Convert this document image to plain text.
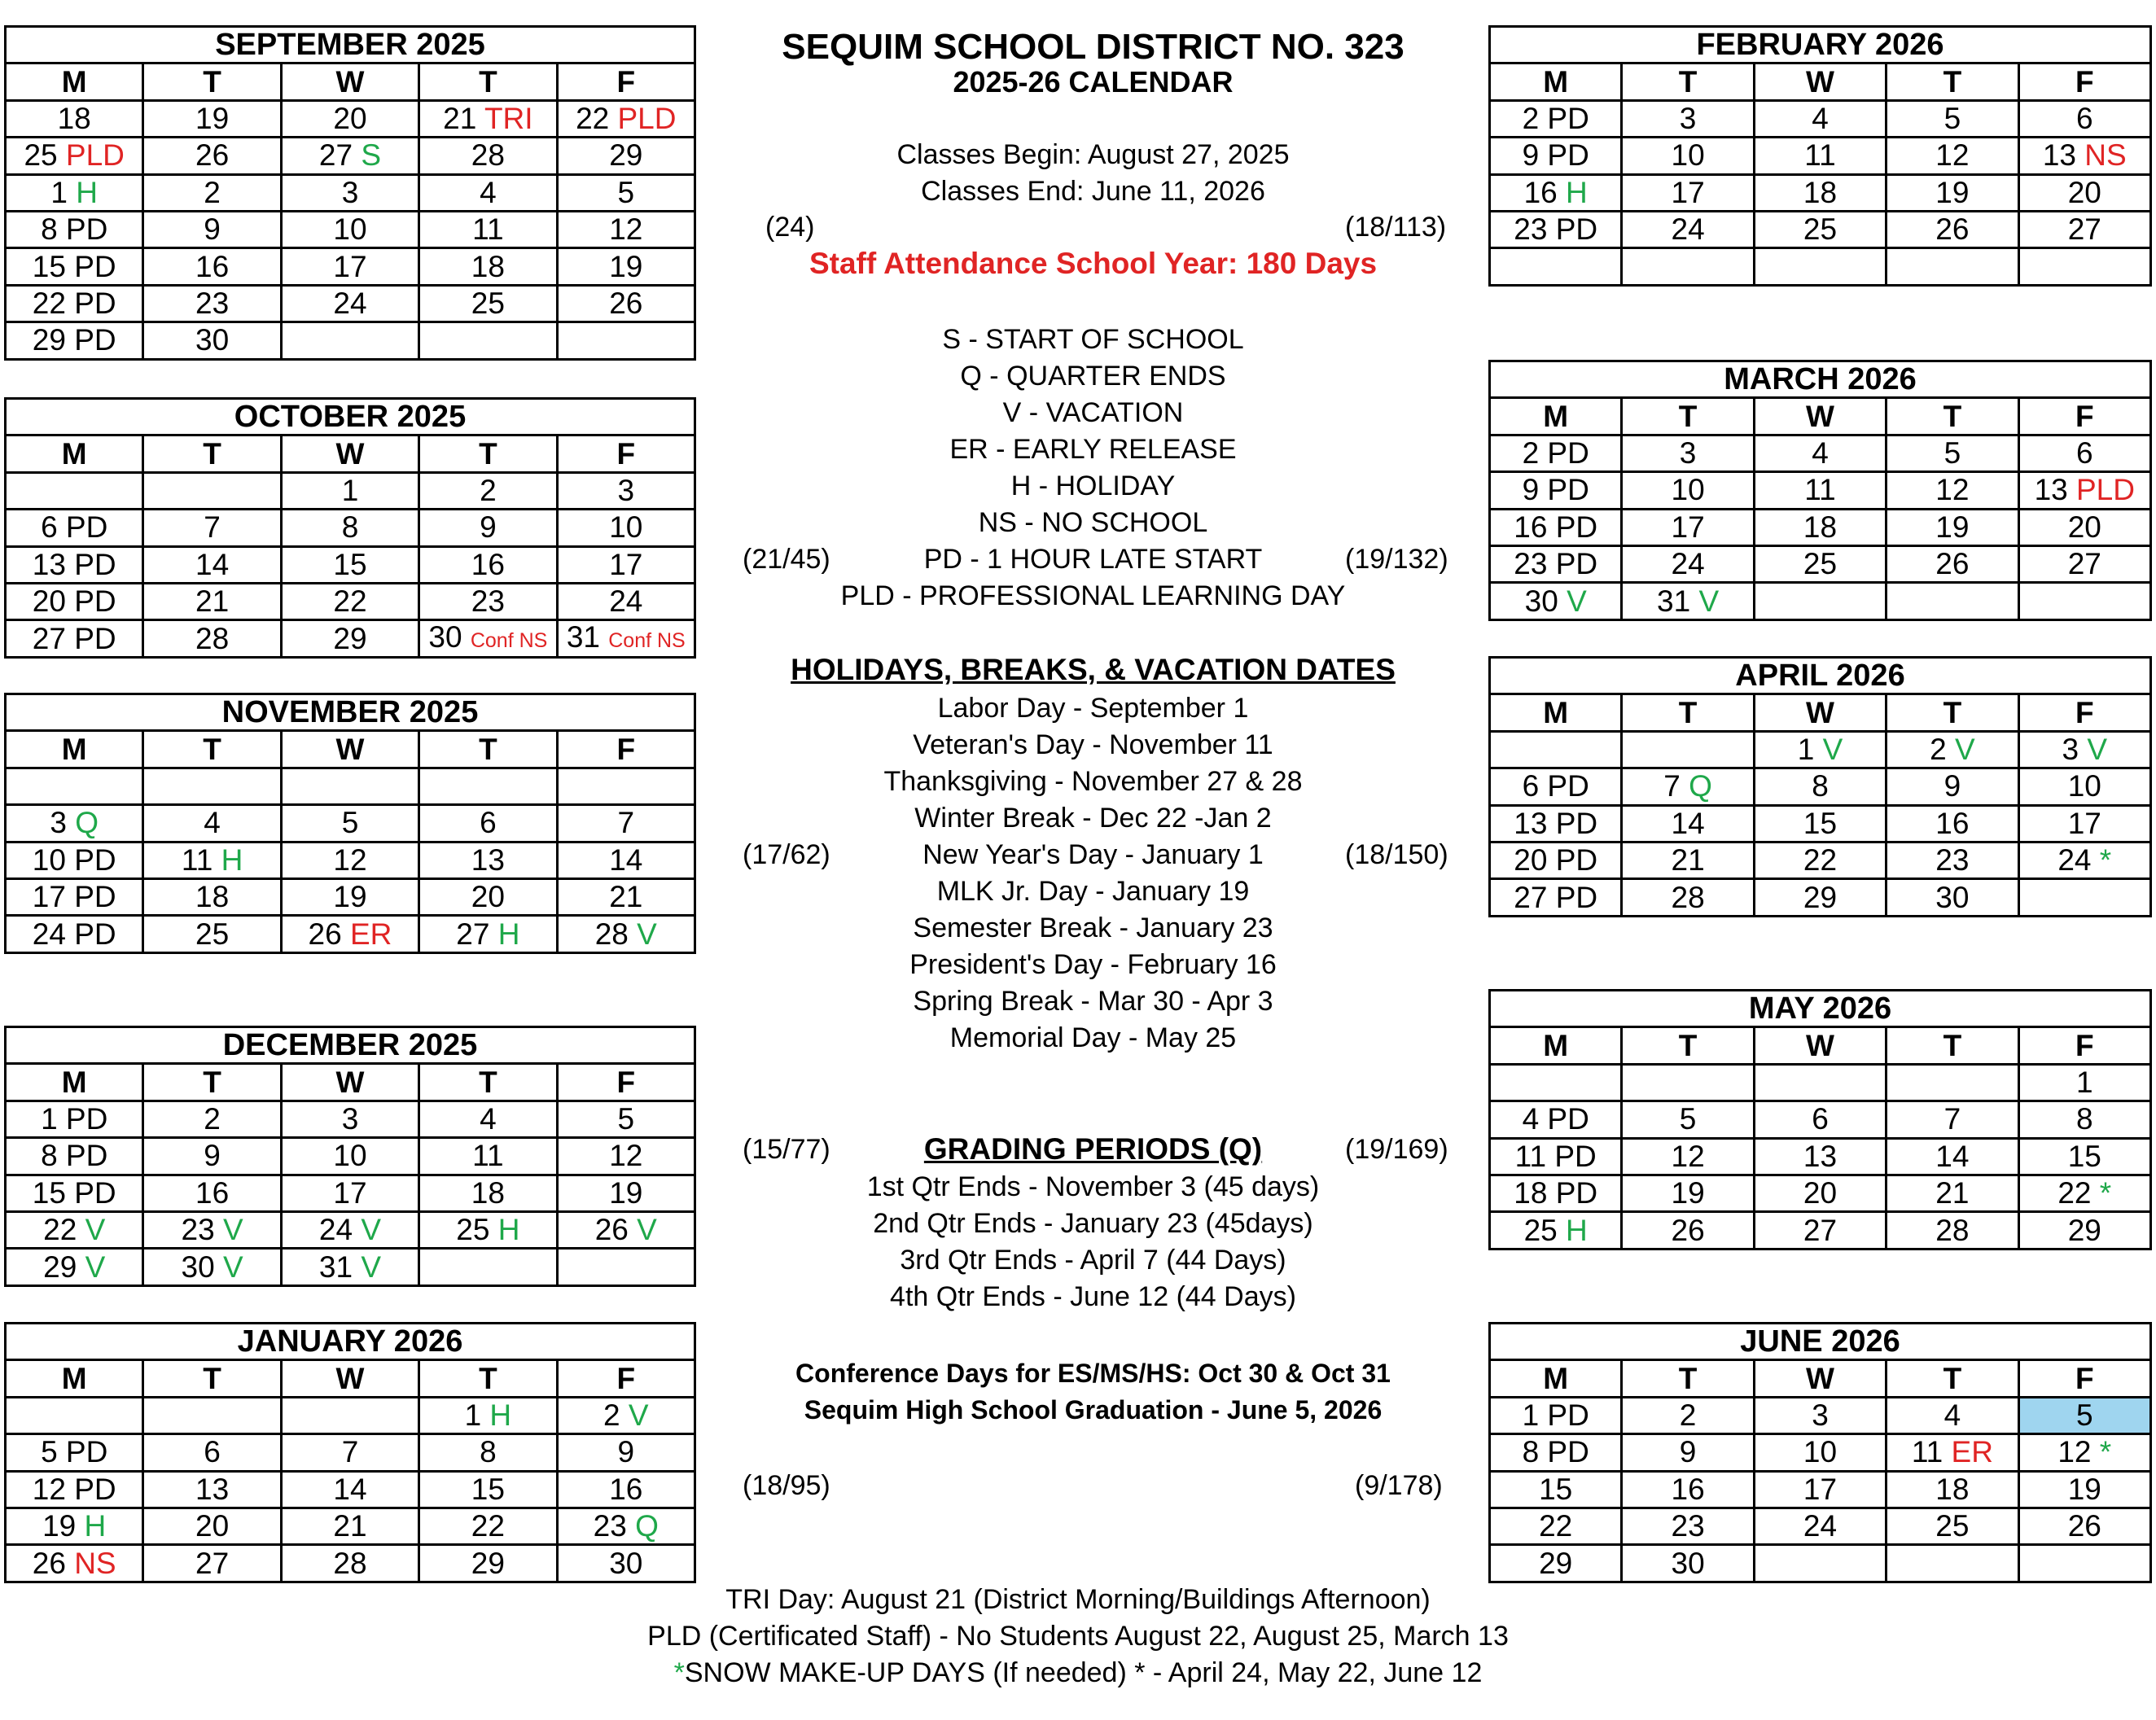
SEPTEMBER 2025				
M	T	W	T	F
18	19	20	21 TRI	22 PLD
25 PLD	26	27 S	28	29
1 H	2	3	4	5
8 PD	9	10	11	12
15 PD	16	17	18	19
22 PD	23	24	25	26
29 PD	30			
OCTOBER 2025				
M	T	W	T	F
		1	2	3
6 PD	7	8	9	10
13 PD	14	15	16	17
20 PD	21	22	23	24
27 PD	28	29	30 Conf NS	31 Conf NS
NOVEMBER 2025				
M	T	W	T	F

3 Q	4	5	6	7
10 PD	11 H	12	13	14
17 PD	18	19	20	21
24 PD	25	26 ER	27 H	28 V
DECEMBER 2025				
M	T	W	T	F
1 PD	2	3	4	5
8 PD	9	10	11	12
15 PD	16	17	18	19
22 V	23 V	24 V	25 H	26 V
29 V	30 V	31 V		
JANUARY 2026				
M	T	W	T	F
			1 H	2 V
5 PD	6	7	8	9
12 PD	13	14	15	16
19 H	20	21	22	23 Q
26 NS	27	28	29	30
FEBRUARY 2026				
M	T	W	T	F
2 PD	3	4	5	6
9 PD	10	11	12	13 NS
16 H	17	18	19	20
23 PD	24	25	26	27

MARCH 2026				
M	T	W	T	F
2 PD	3	4	5	6
9 PD	10	11	12	13 PLD
16 PD	17	18	19	20
23 PD	24	25	26	27
30 V	31 V			
APRIL 2026				
M	T	W	T	F
		1 V	2 V	3 V
6 PD	7 Q	8	9	10
13 PD	14	15	16	17
20 PD	21	22	23	24 *
27 PD	28	29	30	
MAY 2026				
M	T	W	T	F
				1
4 PD	5	6	7	8
11 PD	12	13	14	15
18 PD	19	20	21	22 *
25 H	26	27	28	29
JUNE 2026				
M	T	W	T	F
1 PD	2	3	4	5
8 PD	9	10	11 ER	12 *
15	16	17	18	19
22	23	24	25	26
29	30			
SEQUIM SCHOOL DISTRICT NO. 323
2025-26 CALENDAR
Classes Begin: August 27, 2025
Classes End: June 11, 2026
Staff Attendance School Year: 180 Days
S - START OF SCHOOL
Q - QUARTER ENDS
V - VACATION
ER - EARLY RELEASE
H - HOLIDAY
NS - NO SCHOOL
PD - 1 HOUR LATE START
PLD - PROFESSIONAL LEARNING DAY
HOLIDAYS, BREAKS, & VACATION DATES
Labor Day - September 1
Veteran's Day - November 11
Thanksgiving - November 27 & 28
Winter Break - Dec 22 -Jan 2
New Year's Day - January 1
MLK Jr. Day - January 19
Semester Break - January 23
President's Day - February 16
Spring Break - Mar 30 - Apr 3
Memorial Day - May 25
GRADING PERIODS (Q)
1st Qtr Ends - November 3 (45 days)
2nd Qtr Ends - January 23 (45days)
3rd Qtr Ends - April 7 (44 Days)
4th Qtr Ends - June 12 (44 Days)
Conference Days for ES/MS/HS: Oct 30 & Oct 31
Sequim High School Graduation - June 5, 2026
(24)	(18/113)
(21/45)	(19/132)
(17/62)	(18/150)
(15/77)	(19/169)
(18/95)	(9/178)
TRI Day: August 21 (District Morning/Buildings Afternoon)
PLD (Certificated Staff) - No Students August 22, August 25, March 13
*SNOW MAKE-UP DAYS (If needed) * - April 24, May 22, June 12
